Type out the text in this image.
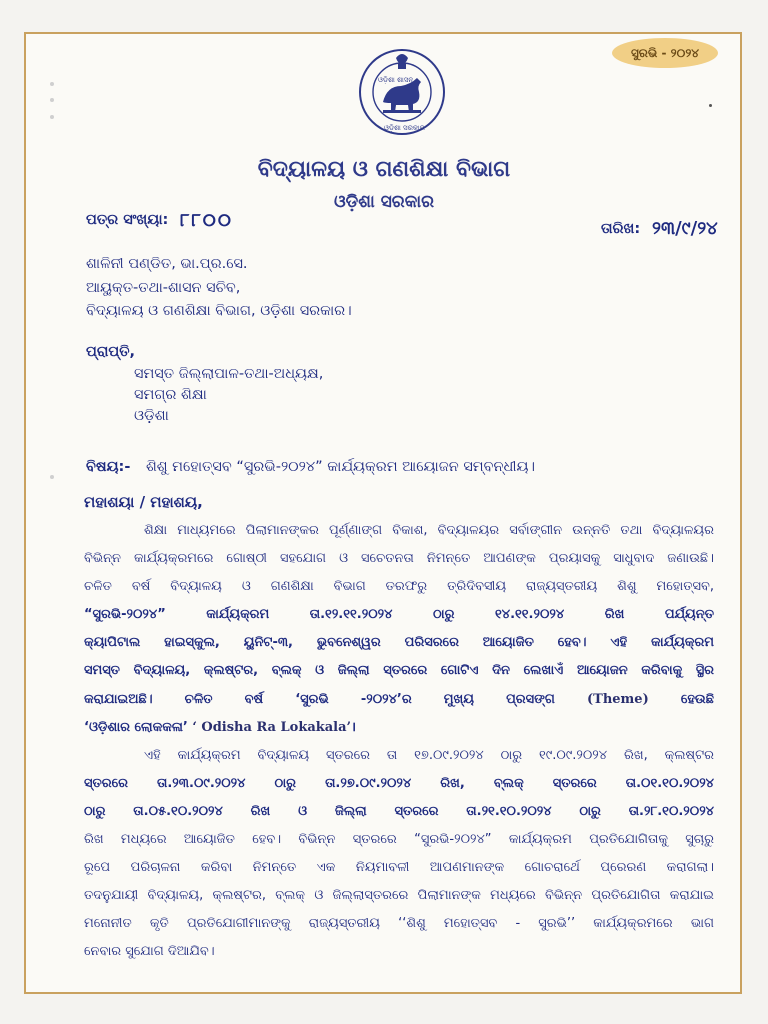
ସୁରଭି - ୨୦୨୪
ଓଡ଼ିଶା ଶାସନ
ଓଡ଼ିଶା ସରକାର
ବିଦ୍ୟାଳୟ ଓ ଗଣଶିକ୍ଷା ବିଭାଗ
ଓଡ଼ିଶା ସରକାର
ପତ୍ର ସଂଖ୍ୟା: ୮୮୦୦	ତାରିଖ: ୨୩/୯/୨୪
ଶାଳିନୀ ପଣ୍ଡିତ, ଭା.ପ୍ର.ସେ.
ଆୟୁକ୍ତ-ତଥା-ଶାସନ ସଚିବ,
ବିଦ୍ୟାଳୟ ଓ ଗଣଶିକ୍ଷା ବିଭାଗ, ଓଡ଼ିଶା ସରକାର।
ପ୍ରାପ୍ତି,
ସମସ୍ତ ଜିଲ୍ଲାପାଳ-ତଥା-ଅଧ୍ୟକ୍ଷ,
ସମଗ୍ର ଶିକ୍ଷା
ଓଡ଼ିଶା
ବିଷୟ:- ଶିଶୁ ମହୋତ୍ସବ “ସୁରଭି-୨୦୨୪” କାର୍ଯ୍ୟକ୍ରମ ଆୟୋଜନ ସମ୍ବନ୍ଧୀୟ।
ମହାଶୟା / ମହାଶୟ,

ଶିକ୍ଷା ମାଧ୍ୟମରେ ପିଲାମାନଙ୍କର ପୂର୍ଣ୍ଣାଙ୍ଗ ବିକାଶ, ବିଦ୍ୟାଳୟର ସର୍ବାଙ୍ଗୀନ ଉନ୍ନତି ତଥା ବିଦ୍ୟାଳୟର

ବିଭିନ୍ନ କାର୍ଯ୍ୟକ୍ରମରେ ଗୋଷ୍ଠୀ ସହଯୋଗ ଓ ସଚେତନତା ନିମନ୍ତେ ଆପଣଙ୍କ ପ୍ରୟାସକୁ ସାଧୁବାଦ ଜଣାଉଛି।

ଚଳିତ ବର୍ଷ ବିଦ୍ୟାଳୟ ଓ ଗଣଶିକ୍ଷା ବିଭାଗ ତରଫରୁ ତ୍ରିଦିବସୀୟ ରାଜ୍ୟସ୍ତରୀୟ ଶିଶୁ ମହୋତ୍ସବ,

“ସୁରଭି-୨୦୨୪” କାର୍ଯ୍ୟକ୍ରମ ତା.୧୨.୧୧.୨୦୨୪ ଠାରୁ ୧୪.୧୧.୨୦୨୪ ରିଖ ପର୍ଯ୍ୟନ୍ତ

କ୍ୟାପିଟାଲ ହାଇସ୍କୁଲ, ୟୁନିଟ୍-୩, ଭୁବନେଶ୍ୱର ପରିସରରେ ଆୟୋଜିତ ହେବ। ଏହି କାର୍ଯ୍ୟକ୍ରମ

ସମସ୍ତ ବିଦ୍ୟାଳୟ, କ୍ଲଷ୍ଟର, ବ୍ଲକ୍ ଓ ଜିଲ୍ଲା ସ୍ତରରେ ଗୋଟିଏ ଦିନ ଲେଖାଏଁ ଆୟୋଜନ କରିବାକୁ ସ୍ଥିର

କରାଯାଇଅଛି। ଚଳିତ ବର୍ଷ ‘ସୁରଭି -୨୦୨୪’ର ମୁଖ୍ୟ ପ୍ରସଙ୍ଗ (Theme) ହେଉଛି

‘ଓଡ଼ିଶାର ଲୋକକଳା’ ‘ Odisha Ra Lokakala’।

ଏହି କାର୍ଯ୍ୟକ୍ରମ ବିଦ୍ୟାଳୟ ସ୍ତରରେ ତା ୧୭.୦୯.୨୦୨୪ ଠାରୁ ୧୯.୦୯.୨୦୨୪ ରିଖ, କ୍ଲଷ୍ଟର

ସ୍ତରରେ ତା.୨୩.୦୯.୨୦୨୪ ଠାରୁ ତା.୨୭.୦୯.୨୦୨୪ ରିଖ, ବ୍ଲକ୍ ସ୍ତରରେ ତା.୦୧.୧୦.୨୦୨୪

ଠାରୁ ତା.୦୫.୧୦.୨୦୨୪ ରିଖ ଓ ଜିଲ୍ଲା ସ୍ତରରେ ତା.୨୧.୧୦.୨୦୨୪ ଠାରୁ ତା.୨୮.୧୦.୨୦୨୪

ରିଖ ମଧ୍ୟରେ ଆୟୋଜିତ ହେବ। ବିଭିନ୍ନ ସ୍ତରରେ “ସୁରଭି-୨୦୨୪” କାର୍ଯ୍ୟକ୍ରମ ପ୍ରତିଯୋଗିତାକୁ ସୁଚାରୁ

ରୂପେ ପରିଚାଳନା କରିବା ନିମନ୍ତେ ଏକ ନିୟମାବଳୀ ଆପଣମାନଙ୍କ ଗୋଚରାର୍ଥେ ପ୍ରେରଣ କରାଗଲା।

ତଦନୁଯାୟୀ ବିଦ୍ୟାଳୟ, କ୍ଲଷ୍ଟର, ବ୍ଲକ୍ ଓ ଜିଲ୍ଲାସ୍ତରରେ ପିଲାମାନଙ୍କ ମଧ୍ୟରେ ବିଭିନ୍ନ ପ୍ରତିଯୋଗିତା କରାଯାଇ

ମନୋନୀତ କୃତି ପ୍ରତିଯୋଗୀମାନଙ୍କୁ ରାଜ୍ୟସ୍ତରୀୟ ‘‘ଶିଶୁ ମହୋତ୍ସବ - ସୁରଭି’’ କାର୍ଯ୍ୟକ୍ରମରେ ଭାଗ

ନେବାର ସୁଯୋଗ ଦିଆଯିବ।
